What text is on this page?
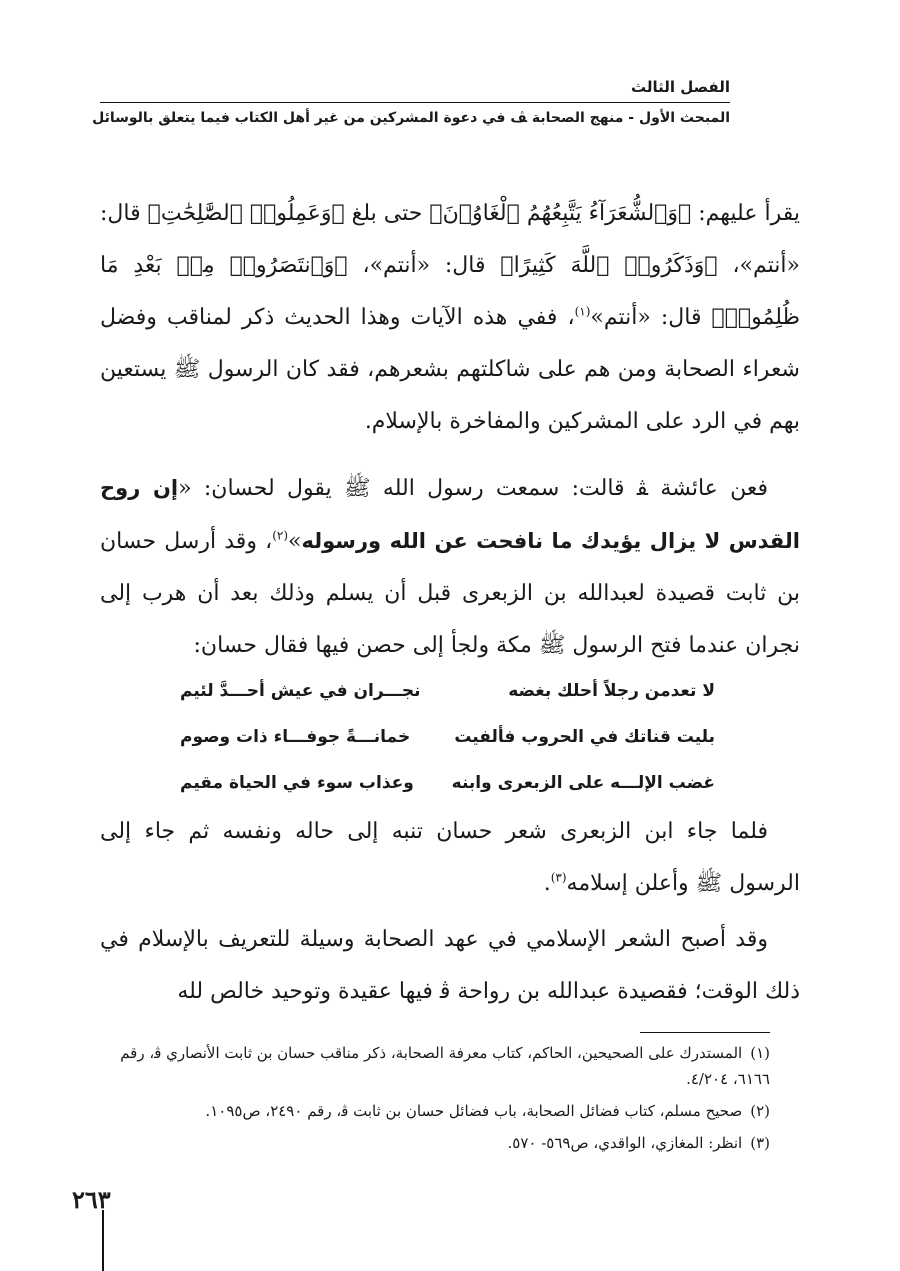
الفصل الثالث
المبحث الأول - منهج الصحابة ﭫ في دعوة المشركين من غير أهل الكتاب فيما يتعلق بالوسائل

يقرأ عليهم: ﴿وَٱلشُّعَرَآءُ يَتَّبِعُهُمُ ٱلْغَاوُۥنَ﴾ حتى بلغ ﴿وَعَمِلُوا۟ ٱلصَّٰلِحَٰتِ﴾ قال: «أنتم»، ﴿وَذَكَرُوا۟ ٱللَّهَ كَثِيرًا﴾ قال: «أنتم»، ﴿وَٱنتَصَرُوا۟ مِنۢ بَعْدِ مَا ظُلِمُوا۟﴾ قال: «أنتم»$^{(١)}$، ففي هذه الآيات وهذا الحديث ذكر لمناقب وفضل شعراء الصحابة ومن هم على شاكلتهم بشعرهم، فقد كان الرسول ﷺ يستعين بهم في الرد على المشركين والمفاخرة بالإسلام.

فعن عائشة ﭭ قالت: سمعت رسول الله ﷺ يقول لحسان: «إن روح القدس لا يزال يؤيدك ما نافحت عن الله ورسوله»$^{(٢)}$، وقد أرسل حسان بن ثابت قصيدة لعبدالله بن الزبعرى قبل أن يسلم وذلك بعد أن هرب إلى نجران عندما فتح الرسول ﷺ مكة ولجأ إلى حصن فيها فقال حسان:

لا تعدمن رجلاً أحلك بغضه
نجـــران في عيش أحـــدَّ لئيم
بليت قناتك في الحروب فألفيت
خمانـــةً جوفـــاء ذات وصوم
غضب الإلـــه على الزبعرى وابنه
وعذاب سوء في الحياة مقيم

فلما جاء ابن الزبعرى شعر حسان تنبه إلى حاله ونفسه ثم جاء إلى الرسول ﷺ وأعلن إسلامه$^{(٣)}$.

وقد أصبح الشعر الإسلامي في عهد الصحابة وسيلة للتعريف بالإسلام في ذلك الوقت؛ فقصيدة عبدالله بن رواحة ﭬ فيها عقيدة وتوحيد خالص لله

(١)المستدرك على الصحيحين، الحاكم، كتاب معرفة الصحابة، ذكر مناقب حسان بن ثابت الأنصاري ﭬ، رقم ٦١٦٦، ٤/٢٠٤.

(٢)صحيح مسلم، كتاب فضائل الصحابة، باب فضائل حسان بن ثابت ﭬ، رقم ٢٤٩٠، ص١٠٩٥.

(٣)انظر: المغازي، الواقدي، ص٥٦٩- ٥٧٠.

٢٦٣
